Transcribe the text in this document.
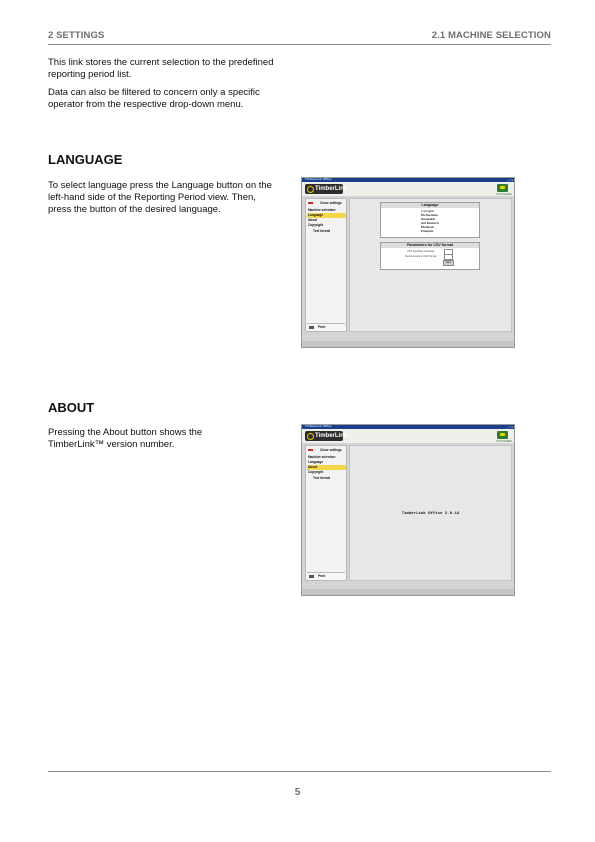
2 SETTINGS	2.1 MACHINE SELECTION

This link stores the current selection to the predefined reporting period list.

Data can also be filtered to concern only a specific operator from the respective drop-down menu.

LANGUAGE

To select language press the Language button on the left-hand side of the Reporting Period view. Then, press the button of the desired language.

TimberLink Office	_ □ x
TimberLink
JOHN DEERE
Close settings
Machine selection
Language
About
Copyright
Text format
Print
Language
In English
På Svenska
Suomeksi
Auf Deutsch
På Norsk
Français
Parameters for CSV format
CSV separator character
Decimal point in CSV format
Save
ABOUT

Pressing the About button shows the TimberLink™ version number.

TimberLink Office	_ □ x
TimberLink
JOHN DEERE
Close settings
Machine selection
Language
About
Copyright
Text format
Print
TimberLink Office 2.0.14
5
